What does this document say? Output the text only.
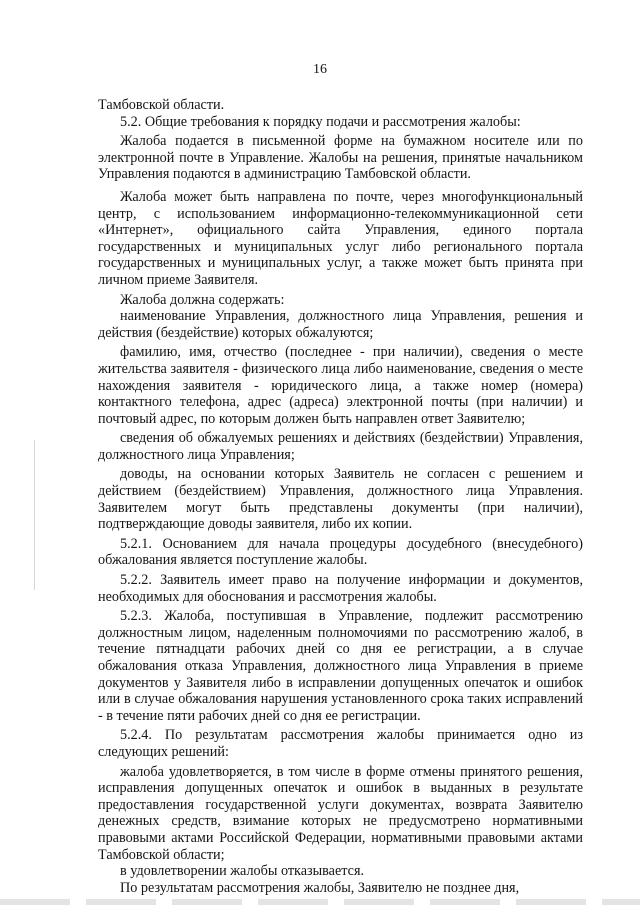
16

Тамбовской области.

5.2. Общие требования к порядку подачи и рассмотрения жалобы:

Жалоба подается в письменной форме на бумажном носителе или по электронной почте в Управление. Жалобы на решения, принятые начальником Управления подаются в администрацию Тамбовской области.

Жалоба может быть направлена по почте, через многофункциональный центр, с использованием информационно-телекоммуникационной сети «Интернет», официального сайта Управления, единого портала государственных и муниципальных услуг либо регионального портала государственных и муниципальных услуг, а также может быть принята при личном приеме Заявителя.

Жалоба должна содержать:

наименование Управления, должностного лица Управления, решения и действия (бездействие) которых обжалуются;

фамилию, имя, отчество (последнее - при наличии), сведения о месте жительства заявителя - физического лица либо наименование, сведения о месте нахождения заявителя - юридического лица, а также номер (номера) контактного телефона, адрес (адреса) электронной почты (при наличии) и почтовый адрес, по которым должен быть направлен ответ Заявителю;

сведения об обжалуемых решениях и действиях (бездействии) Управления, должностного лица Управления;

доводы, на основании которых Заявитель не согласен с решением и действием (бездействием) Управления, должностного лица Управления. Заявителем могут быть представлены документы (при наличии), подтверждающие доводы заявителя, либо их копии.

5.2.1. Основанием для начала процедуры досудебного (внесудебного) обжалования является поступление жалобы.

5.2.2. Заявитель имеет право на получение информации и документов, необходимых для обоснования и рассмотрения жалобы.

5.2.3. Жалоба, поступившая в Управление, подлежит рассмотрению должностным лицом, наделенным полномочиями по рассмотрению жалоб, в течение пятнадцати рабочих дней со дня ее регистрации, а в случае обжалования отказа Управления, должностного лица Управления в приеме документов у Заявителя либо в исправлении допущенных опечаток и ошибок или в случае обжалования нарушения установленного срока таких исправлений - в течение пяти рабочих дней со дня ее регистрации.

5.2.4. По результатам рассмотрения жалобы принимается одно из следующих решений:

жалоба удовлетворяется, в том числе в форме отмены принятого решения, исправления допущенных опечаток и ошибок в выданных в результате предоставления государственной услуги документах, возврата Заявителю денежных средств, взимание которых не предусмотрено нормативными правовыми актами Российской Федерации, нормативными правовыми актами Тамбовской области;

в удовлетворении жалобы отказывается.

По результатам рассмотрения жалобы, Заявителю не позднее дня,
